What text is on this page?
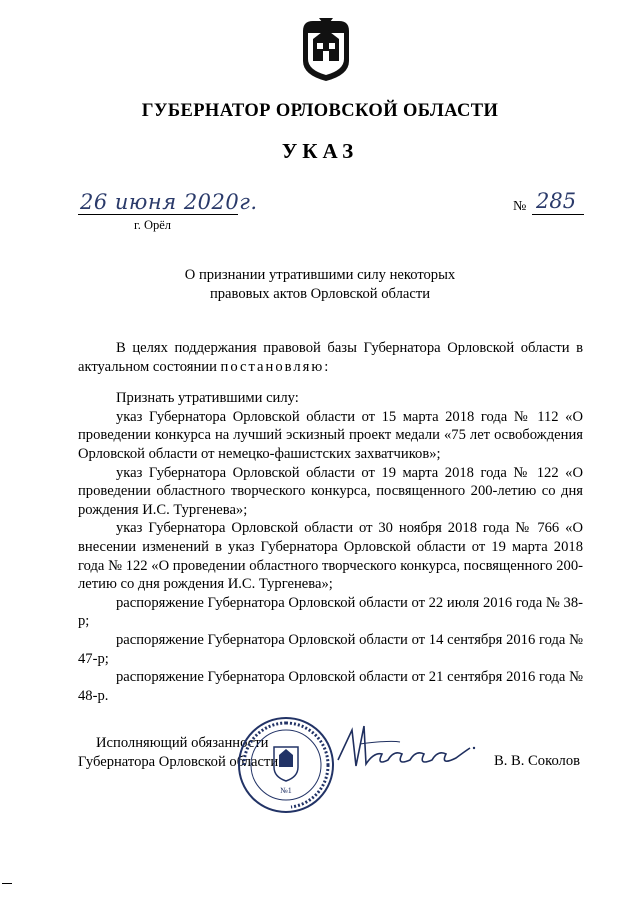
ГУБЕРНАТОР ОРЛОВСКОЙ ОБЛАСТИ
УКАЗ
26 июня 2020г.
г. Орёл
№ 285
О признании утратившими силу некоторых
правовых актов Орловской области

В целях поддержания правовой базы Губернатора Орловской области в актуальном состоянии постановляю:

Признать утратившими силу:

указ Губернатора Орловской области от 15 марта 2018 года № 112 «О проведении конкурса на лучший эскизный проект медали «75 лет освобождения Орловской области от немецко-фашистских захватчиков»;

указ Губернатора Орловской области от 19 марта 2018 года № 122 «О проведении областного творческого конкурса, посвященного 200-летию со дня рождения И.С. Тургенева»;

указ Губернатора Орловской области от 30 ноября 2018 года № 766 «О внесении изменений в указ Губернатора Орловской области от 19 марта 2018 года № 122 «О проведении областного творческого конкурса, посвященного 200-летию со дня рождения И.С. Тургенева»;

распоряжение Губернатора Орловской области от 22 июля 2016 года № 38-р;

распоряжение Губернатора Орловской области от 14 сентября 2016 года № 47-р;

распоряжение Губернатора Орловской области от 21 сентября 2016 года № 48-р.

Исполняющий обязанности
Губернатора Орловской области
№1
В. В. Соколов
